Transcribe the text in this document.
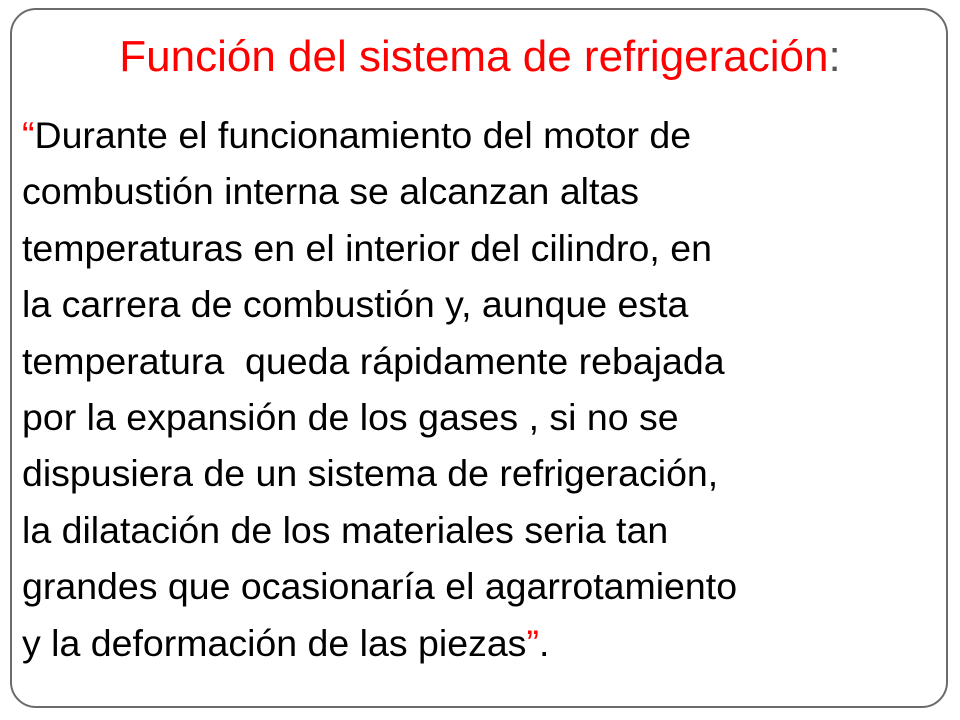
Función del sistema de refrigeración:
“Durante el funcionamiento del motor de
combustión interna se alcanzan altas
temperaturas en el interior del cilindro, en
la carrera de combustión y, aunque esta
temperatura  queda rápidamente rebajada
por la expansión de los gases , si no se
dispusiera de un sistema de refrigeración,
la dilatación de los materiales seria tan
grandes que ocasionaría el agarrotamiento
y la deformación de las piezas”.
